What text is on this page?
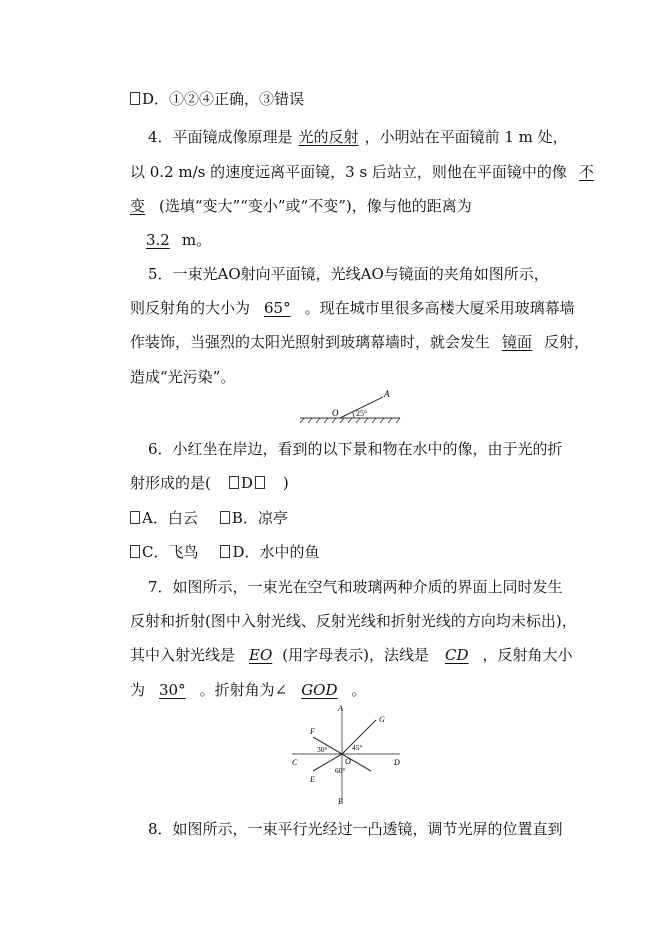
D．①②④正确，③错误
4．平面镜成像原理是 光的反射 ，小明站在平面镜前 1 m 处，
以 0.2 m/s 的速度远离平面镜，3 s 后站立，则他在平面镜中的像 不
变 (选填“变大”“变小”或“不变”)，像与他的距离为
3.2 m。
5．一束光AO射向平面镜，光线AO与镜面的夹角如图所示，
则反射角的大小为 65° 。现在城市里很多高楼大厦采用玻璃幕墙
作装饰，当强烈的太阳光照射到玻璃幕墙时，就会发生 镜面 反射，
造成“光污染”。
A
O 25°
6．小红坐在岸边，看到的以下景和物在水中的像，由于光的折
射形成的是( D )
A．白云 B．凉亭
C．飞鸟 D．水中的鱼
7．如图所示，一束光在空气和玻璃两种介质的界面上同时发生
反射和折射(图中入射光线、反射光线和折射光线的方向均未标出)，
其中入射光线是 EO (用字母表示)，法线是 CD ，反射角大小
为 30° 。折射角为∠ GOD 。
A
B
C	D
F
E
G
O
30°	45°
60°
8．如图所示，一束平行光经过一凸透镜，调节光屏的位置直到
